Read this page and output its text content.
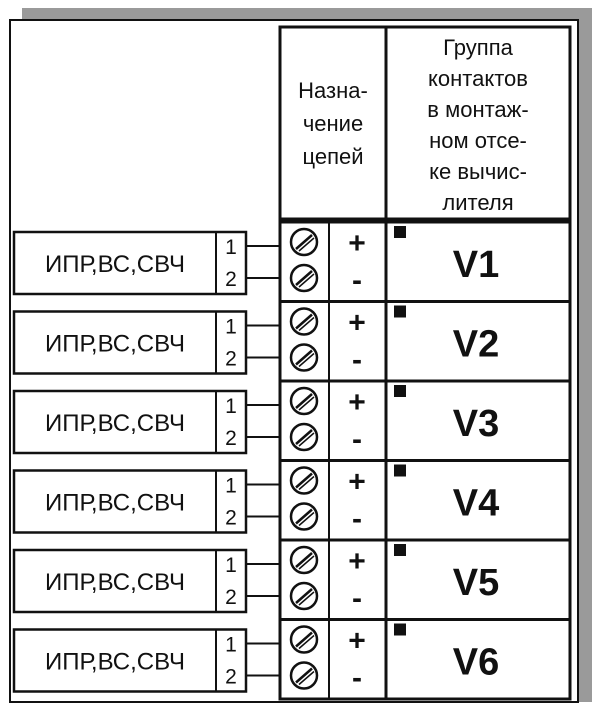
Назна-
чение
цепей
Группа
контактов
в монтаж-
ном отсе-
ке вычис-
лителя
ИПР,ВС,СВЧ
1
2
+
- V1
ИПР,ВС,СВЧ
1
2
+
- V2
ИПР,ВС,СВЧ
1
2
+
- V3
ИПР,ВС,СВЧ
1
2
+
- V4
ИПР,ВС,СВЧ
1
2
+
- V5
ИПР,ВС,СВЧ
1
2
+
- V6
